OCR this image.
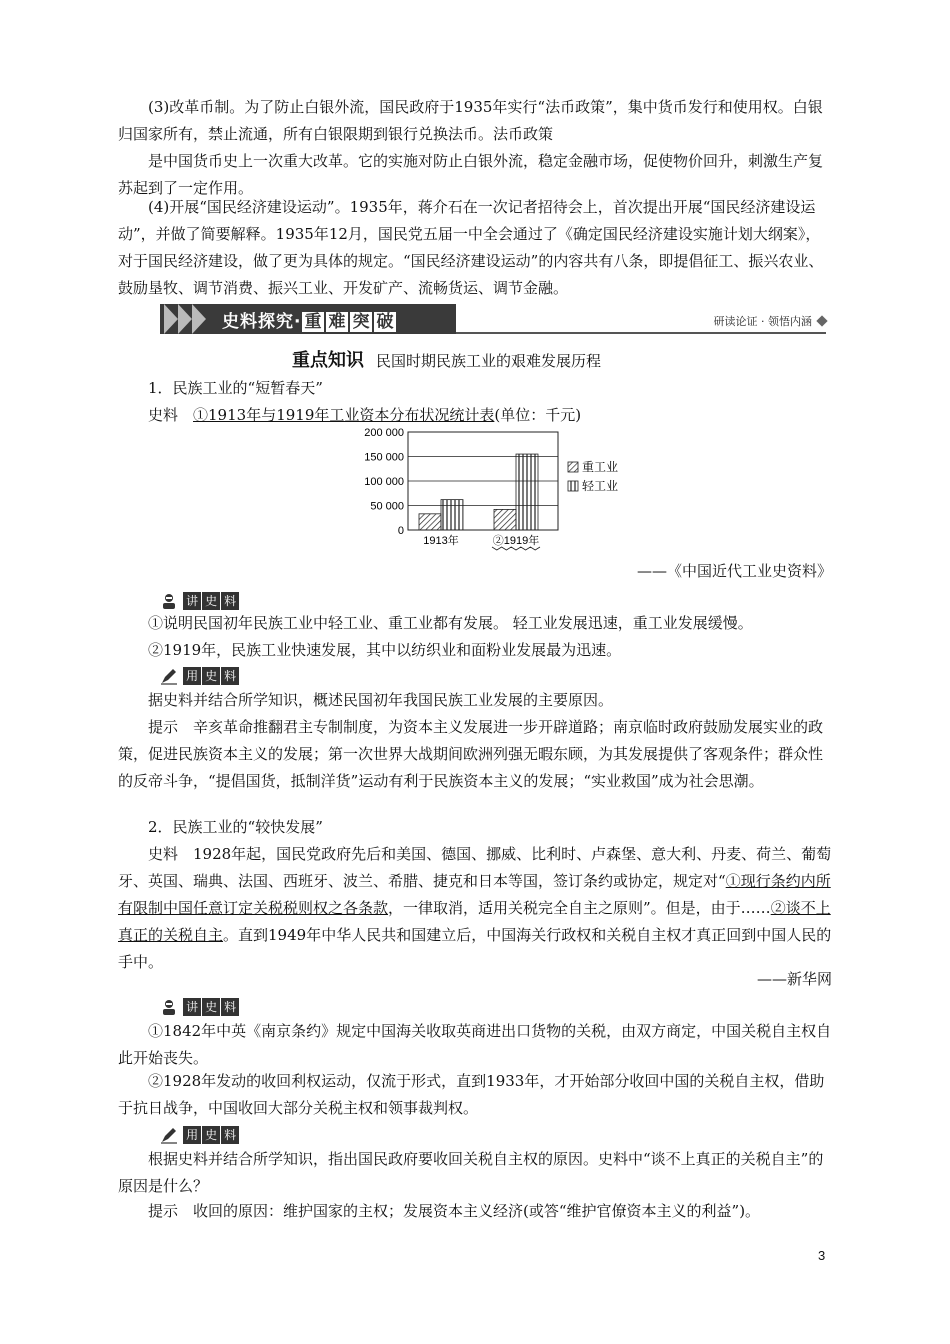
(3)改革币制。为了防止白银外流，国民政府于1935年实行“法币政策”，集中货币发行和使用权。白银归国家所有，禁止流通，所有白银限期到银行兑换法币。法币政策

是中国货币史上一次重大改革。它的实施对防止白银外流，稳定金融市场，促使物价回升，刺激生产复苏起到了一定作用。

(4)开展“国民经济建设运动”。1935年，蒋介石在一次记者招待会上，首次提出开展“国民经济建设运动”，并做了简要解释。1935年12月，国民党五届一中全会通过了《确定国民经济建设实施计划大纲案》，对于国民经济建设，做了更为具体的规定。“国民经济建设运动”的内容共有八条，即提倡征工、振兴农业、鼓励垦牧、调节消费、振兴工业、开发矿产、流畅货运、调节金融。

史料探究· 重 难 突 破	研读论证 · 领悟内涵
重点知识 民国时期民族工业的艰难发展历程

1．民族工业的“短暂春天”

史料　①1913年与1919年工业资本分布状况统计表(单位：千元)

200 000
150 000
100 000
50 000
0
1913年	②1919年
重工业
轻工业
——《中国近代工业史资料》
讲 史 料

①说明民国初年民族工业中轻工业、重工业都有发展。 轻工业发展迅速，重工业发展缓慢。

②1919年，民族工业快速发展，其中以纺织业和面粉业发展最为迅速。

用 史 料

据史料并结合所学知识，概述民国初年我国民族工业发展的主要原因。

提示　辛亥革命推翻君主专制制度，为资本主义发展进一步开辟道路；南京临时政府鼓励发展实业的政策，促进民族资本主义的发展；第一次世界大战期间欧洲列强无暇东顾，为其发展提供了客观条件；群众性的反帝斗争，“提倡国货，抵制洋货”运动有利于民族资本主义的发展；“实业救国”成为社会思潮。

2．民族工业的“较快发展”

史料　1928年起，国民党政府先后和美国、德国、挪威、比利时、卢森堡、意大利、丹麦、荷兰、葡萄牙、英国、瑞典、法国、西班牙、波兰、希腊、捷克和日本等国，签订条约或协定，规定对“①现行条约内所有限制中国任意订定关税税则权之各条款，一律取消，适用关税完全自主之原则”。但是，由于……②谈不上真正的关税自主。直到1949年中华人民共和国建立后，中国海关行政权和关税自主权才真正回到中国人民的手中。

——新华网
讲 史 料

①1842年中英《南京条约》规定中国海关收取英商进出口货物的关税，由双方商定，中国关税自主权自此开始丧失。

②1928年发动的收回利权运动，仅流于形式，直到1933年，才开始部分收回中国的关税自主权，借助于抗日战争，中国收回大部分关税主权和领事裁判权。

用 史 料

根据史料并结合所学知识，指出国民政府要收回关税自主权的原因。史料中“谈不上真正的关税自主”的原因是什么？

提示　收回的原因：维护国家的主权；发展资本主义经济(或答“维护官僚资本主义的利益”)。

3
